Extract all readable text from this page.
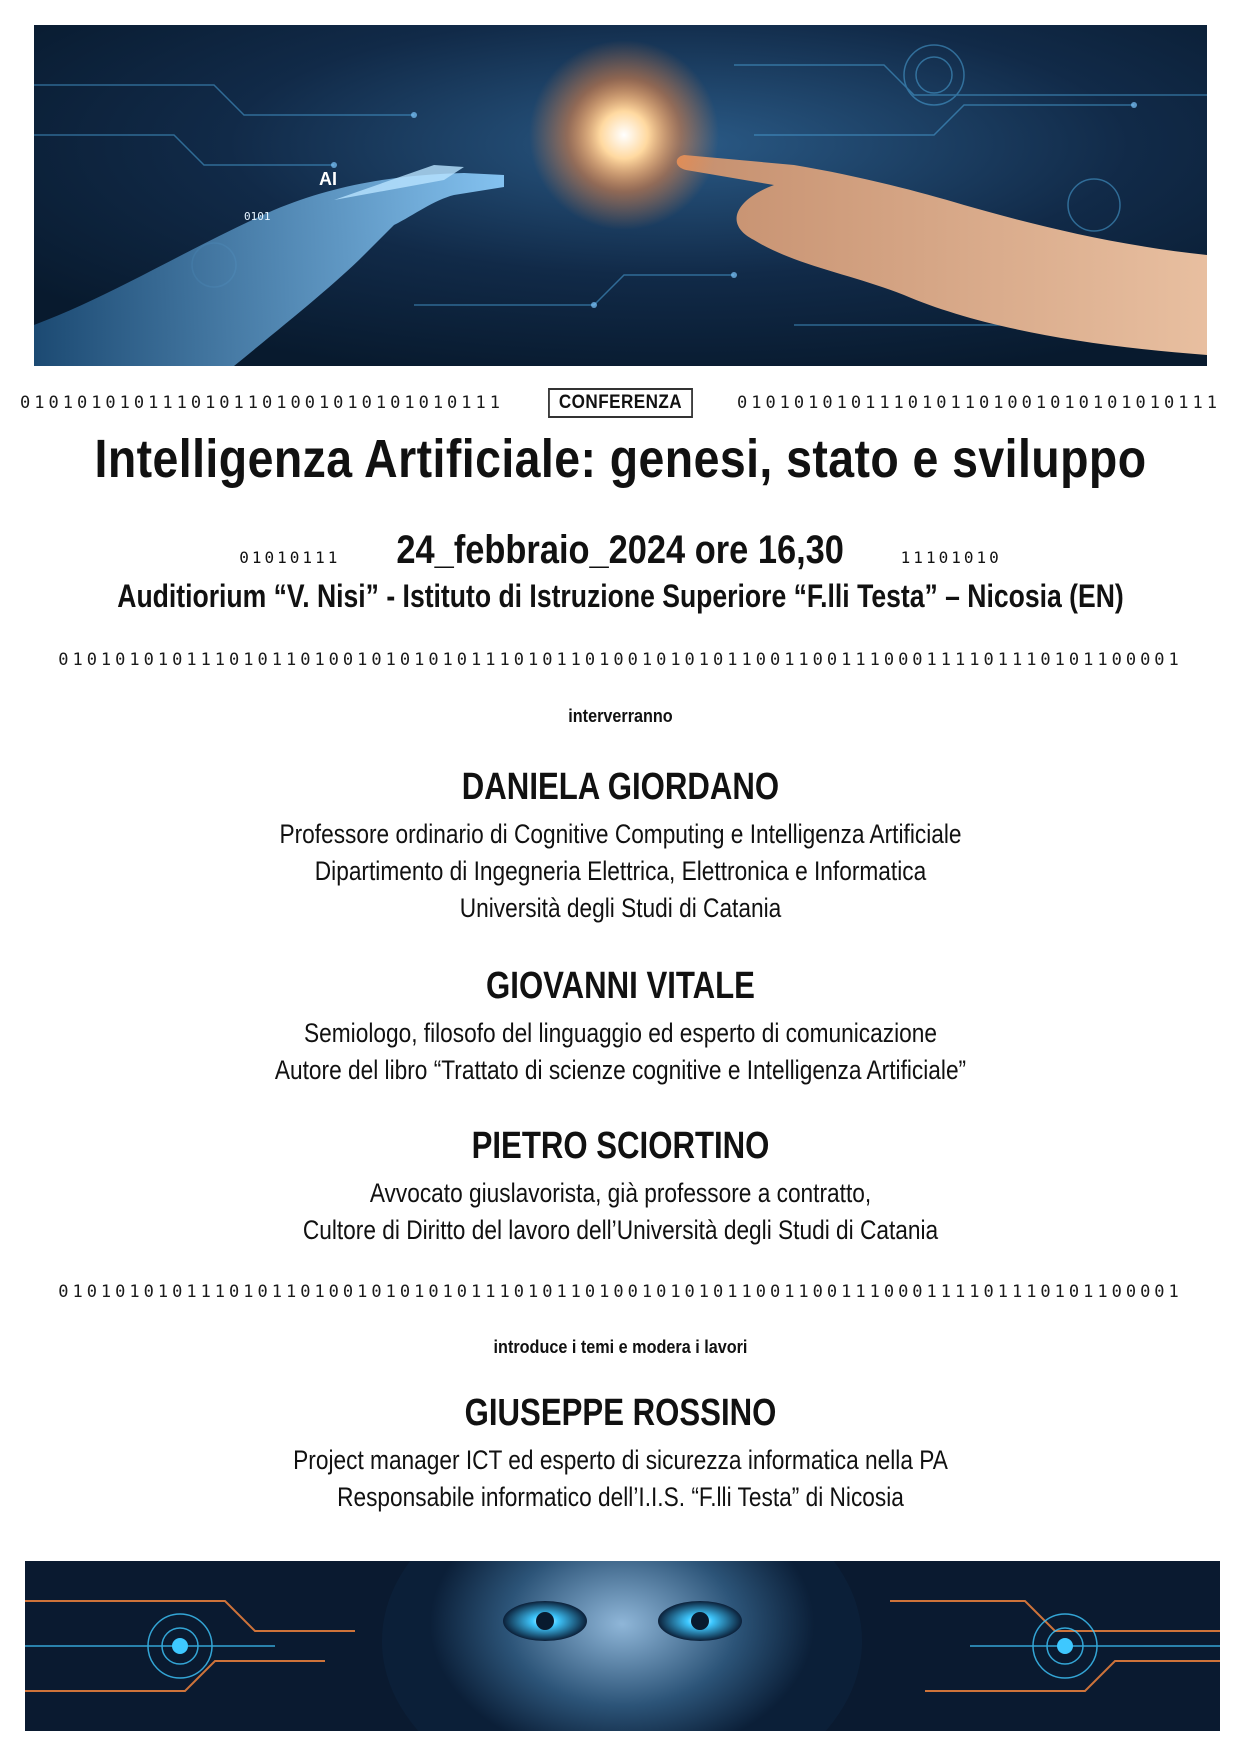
AI
0101
0101010101110101101001010101010111	CONFERENZA	0101010101110101101001010101010111
Intelligenza Artificiale: genesi, stato e sviluppo
01010111 24_febbraio_2024 ore 16,30	11101010
Auditiorium “V. Nisi” - Istituto di Istruzione Superiore “F.lli Testa” – Nicosia (EN)
0101010101110101101001010101011101011010010101011001100111000111101110101100001
interverranno
DANIELA GIORDANO
Professore ordinario di Cognitive Computing e Intelligenza Artificiale
Dipartimento di Ingegneria Elettrica, Elettronica e Informatica
Università degli Studi di Catania
GIOVANNI VITALE
Semiologo, filosofo del linguaggio ed esperto di comunicazione
Autore del libro “Trattato di scienze cognitive e Intelligenza Artificiale”
PIETRO SCIORTINO
Avvocato giuslavorista, già professore a contratto,
Cultore di Diritto del lavoro dell’Università degli Studi di Catania
0101010101110101101001010101011101011010010101011001100111000111101110101100001
introduce i temi e modera i lavori
GIUSEPPE ROSSINO
Project manager ICT ed esperto di sicurezza informatica nella PA
Responsabile informatico dell’I.I.S. “F.lli Testa” di Nicosia
